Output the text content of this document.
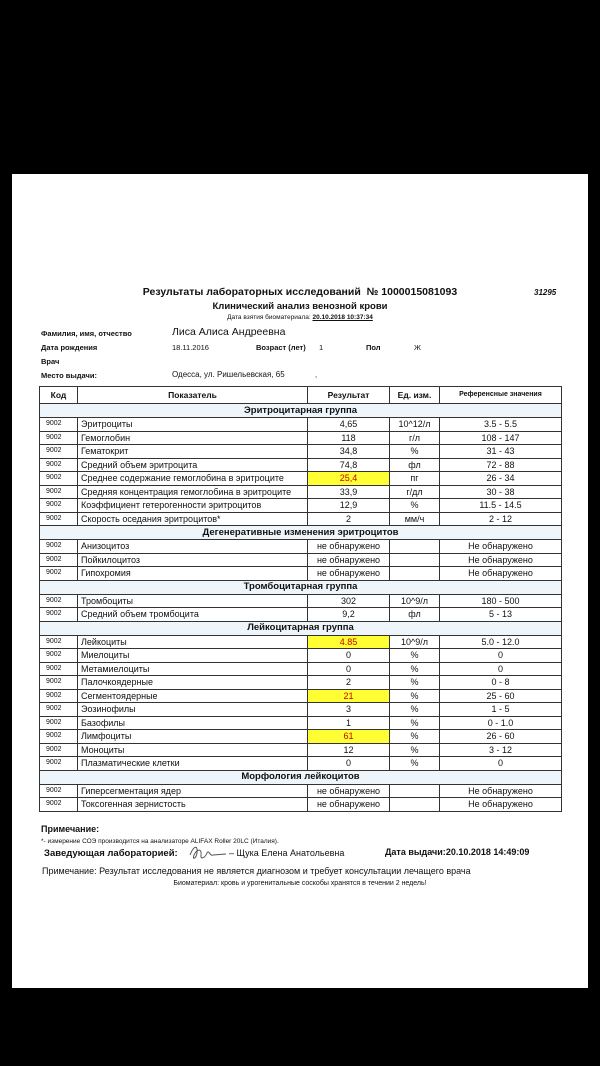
Результаты лабораторных исследований № 1000015081093	31295
Клинический анализ венозной крови
Дата взятия биоматериала: 20.10.2018 10:37:34
Фамилия, имя, отчество	Лиса Алиса Андреевна
Дата рождения	18.11.2016	Возраст (лет) 1	Пол	Ж
Врач
Место выдачи:	Одесса, ул. Ришельевская, 65	,
Код	Показатель	Результат	Ед. изм.	Референсные значения
Эритроцитарная группа				
9002	Эритроциты	4,65	10^12/л	3.5 - 5.5
9002	Гемоглобин	118	г/л	108 - 147
9002	Гематокрит	34,8	%	31 - 43
9002	Средний объем эритроцита	74,8	фл	72 - 88
9002	Среднее содержание гемоглобина в эритроците	25,4	пг	26 - 34
9002	Средняя концентрация гемоглобина в эритроците	33,9	г/дл	30 - 38
9002	Коэффициент гетерогенности эритроцитов	12,9	%	11.5 - 14.5
9002	Скорость оседания эритроцитов*	2	мм/ч	2 - 12
Дегенеративные изменения эритроцитов				
9002	Анизоцитоз	не обнаружено		Не обнаружено
9002	Пойкилоцитоз	не обнаружено		Не обнаружено
9002	Гипохромия	не обнаружено		Не обнаружено
Тромбоцитарная группа				
9002	Тромбоциты	302	10^9/л	180 - 500
9002	Средний объем тромбоцита	9,2	фл	5 - 13
Лейкоцитарная группа				
9002	Лейкоциты	4.85	10^9/л	5.0 - 12.0
9002	Миелоциты	0	%	0
9002	Метамиелоциты	0	%	0
9002	Палочкоядерные	2	%	0 - 8
9002	Сегментоядерные	21	%	25 - 60
9002	Эозинофилы	3	%	1 - 5
9002	Базофилы	1	%	0 - 1.0
9002	Лимфоциты	61	%	26 - 60
9002	Моноциты	12	%	3 - 12
9002	Плазматические клетки	0	%	0
Морфология лейкоцитов				
9002	Гиперсегментация ядер	не обнаружено		Не обнаружено
9002	Токсогенная зернистость	не обнаружено		Не обнаружено
Примечание:
*- измерение СОЭ производится на анализаторе ALIFAX Roller 20LC (Италия).
Заведующая лабораторией:	– Щука Елена Анатольевна	Дата выдачи:20.10.2018 14:49:09
Примечание: Результат исследования не является диагнозом и требует консультации лечащего врача
Биоматериал: кровь и урогенитальные соскобы хранятся в течении 2 недель!
